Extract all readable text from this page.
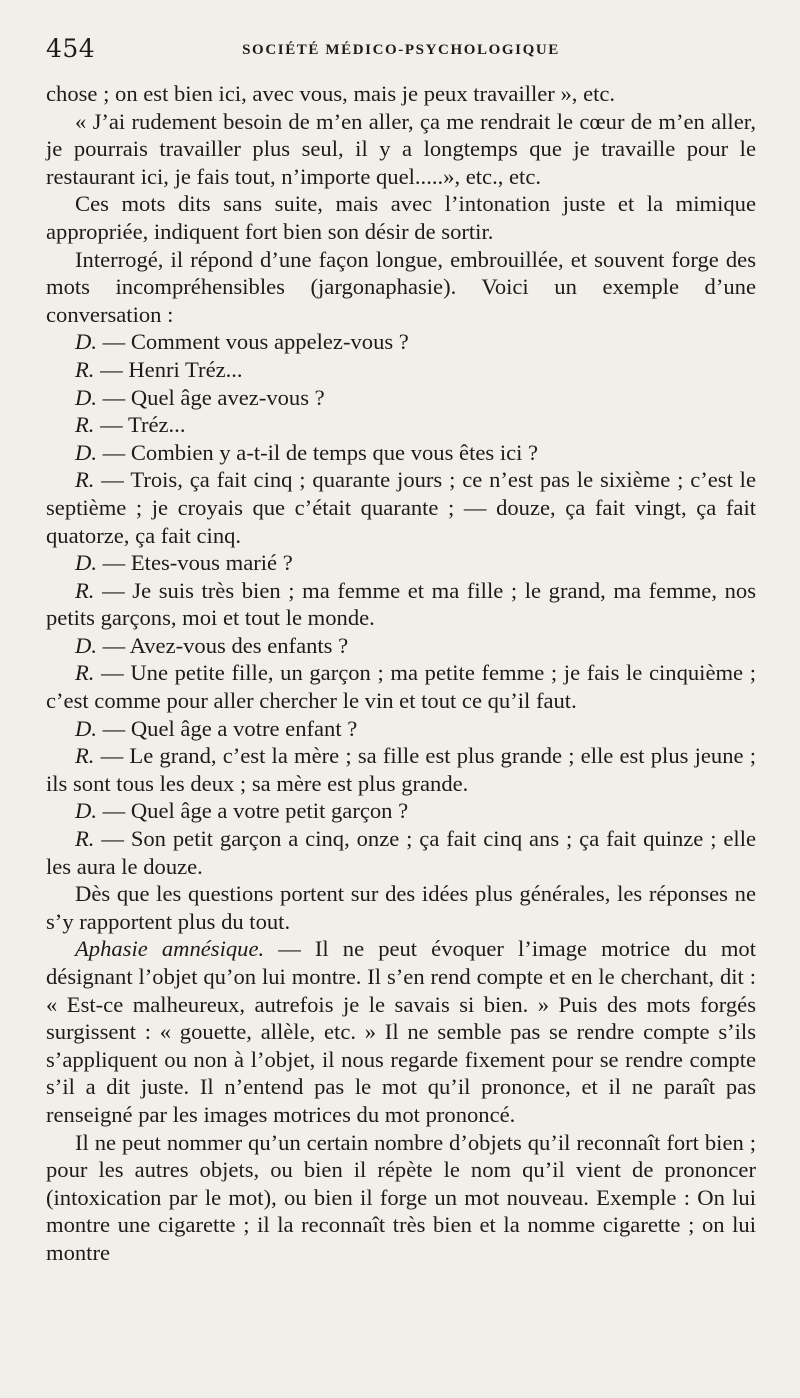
454	SOCIÉTÉ MÉDICO-PSYCHOLOGIQUE

chose ; on est bien ici, avec vous, mais je peux travailler », etc.

« J’ai rudement besoin de m’en aller, ça me rendrait le cœur de m’en aller, je pourrais travailler plus seul, il y a longtemps que je travaille pour le restaurant ici, je fais tout, n’importe quel.....», etc., etc.

Ces mots dits sans suite, mais avec l’intonation juste et la mimique appropriée, indiquent fort bien son désir de sortir.

Interrogé, il répond d’une façon longue, embrouillée, et souvent forge des mots incompréhensibles (jargonaphasie). Voici un exemple d’une conversation :

D. — Comment vous appelez-vous ?

R. — Henri Tréz...

D. — Quel âge avez-vous ?

R. — Tréz...

D. — Combien y a-t-il de temps que vous êtes ici ?

R. — Trois, ça fait cinq ; quarante jours ; ce n’est pas le sixième ; c’est le septième ; je croyais que c’était quarante ; — douze, ça fait vingt, ça fait quatorze, ça fait cinq.

D. — Etes-vous marié ?

R. — Je suis très bien ; ma femme et ma fille ; le grand, ma femme, nos petits garçons, moi et tout le monde.

D. — Avez-vous des enfants ?

R. — Une petite fille, un garçon ; ma petite femme ; je fais le cinquième ; c’est comme pour aller chercher le vin et tout ce qu’il faut.

D. — Quel âge a votre enfant ?

R. — Le grand, c’est la mère ; sa fille est plus grande ; elle est plus jeune ; ils sont tous les deux ; sa mère est plus grande.

D. — Quel âge a votre petit garçon ?

R. — Son petit garçon a cinq, onze ; ça fait cinq ans ; ça fait quinze ; elle les aura le douze.

Dès que les questions portent sur des idées plus générales, les réponses ne s’y rapportent plus du tout.

Aphasie amnésique. — Il ne peut évoquer l’image motrice du mot désignant l’objet qu’on lui montre. Il s’en rend compte et en le cherchant, dit : « Est-ce malheureux, autrefois je le savais si bien. » Puis des mots forgés surgissent : « gouette, allèle, etc. » Il ne semble pas se rendre compte s’ils s’appliquent ou non à l’objet, il nous regarde fixement pour se rendre compte s’il a dit juste. Il n’entend pas le mot qu’il prononce, et il ne paraît pas renseigné par les images motrices du mot prononcé.

Il ne peut nommer qu’un certain nombre d’objets qu’il reconnaît fort bien ; pour les autres objets, ou bien il répète le nom qu’il vient de prononcer (intoxication par le mot), ou bien il forge un mot nouveau. Exemple : On lui montre une cigarette ; il la reconnaît très bien et la nomme cigarette ; on lui montre
